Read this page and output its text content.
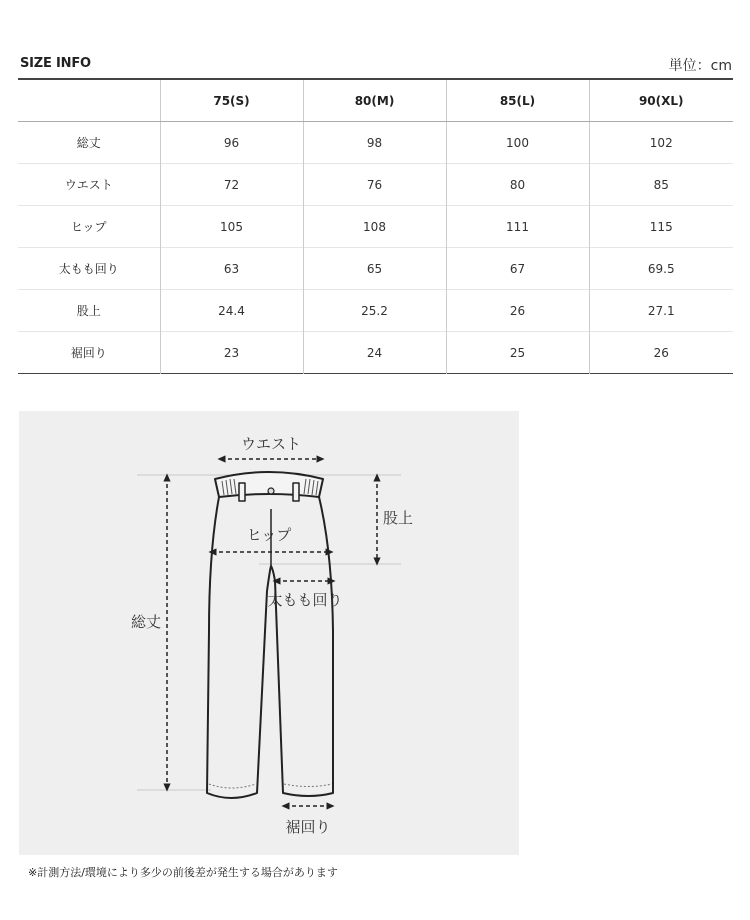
SIZE INFO	単位：cm
	75(S)	80(M)	85(L)	90(XL)
総丈	96	98	100	102
ウエスト	72	76	80	85
ヒップ	105	108	111	115
太もも回り	63	65	67	69.5
股上	24.4	25.2	26	27.1
裾回り	23	24	25	26
ウエスト
ヒップ
股上
太もも回り
総丈
裾回り
※計測方法/環境により多少の前後差が発生する場合があります
